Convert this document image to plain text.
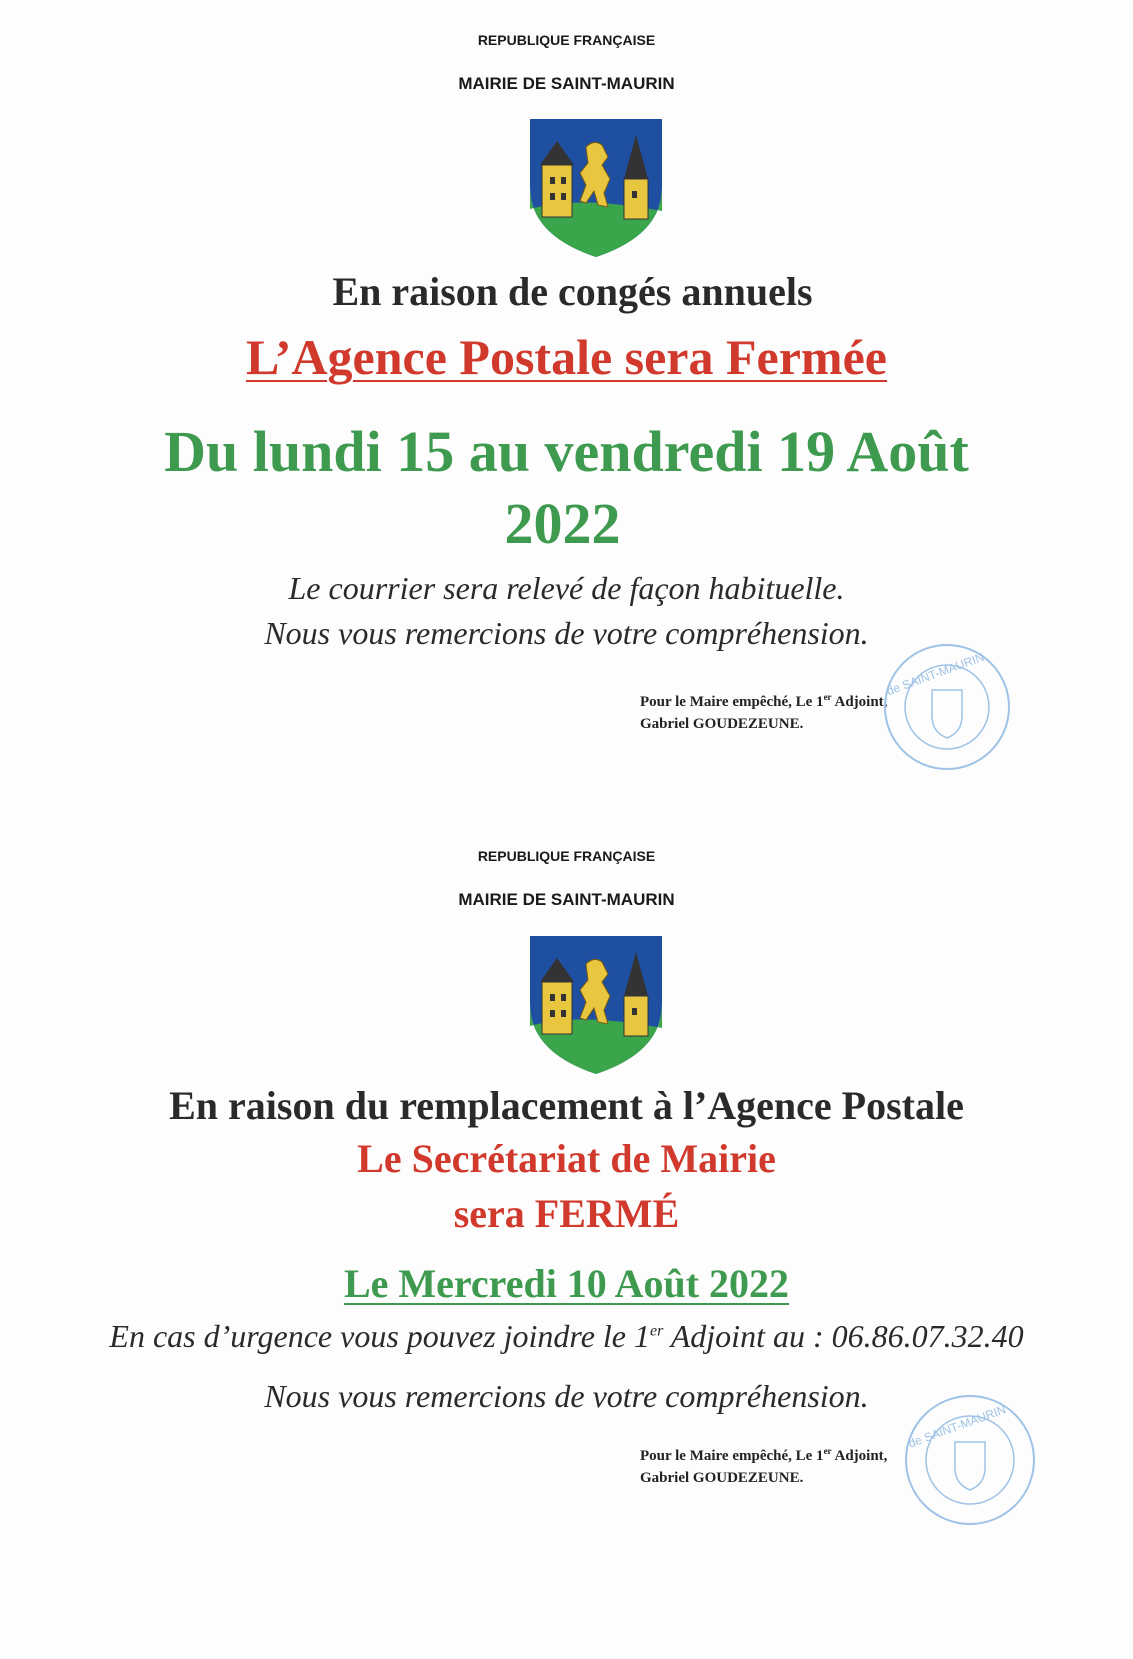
REPUBLIQUE FRANÇAISE
MAIRIE DE SAINT-MAURIN
En raison de congés annuels
L’Agence Postale sera Fermée
Du lundi 15 au vendredi 19 Août
2022
Le courrier sera relevé de façon habituelle.
Nous vous remercions de votre compréhension.
Pour le Maire empêché, Le 1er Adjoint,
Gabriel GOUDEZEUNE.
de SAINT-MAURIN
REPUBLIQUE FRANÇAISE
MAIRIE DE SAINT-MAURIN
En raison du remplacement à l’Agence Postale
Le Secrétariat de Mairie
sera FERMÉ
Le Mercredi 10 Août 2022
En cas d’urgence vous pouvez joindre le 1er Adjoint au : 06.86.07.32.40
Nous vous remercions de votre compréhension.
Pour le Maire empêché, Le 1er Adjoint,
Gabriel GOUDEZEUNE.
de SAINT-MAURIN
